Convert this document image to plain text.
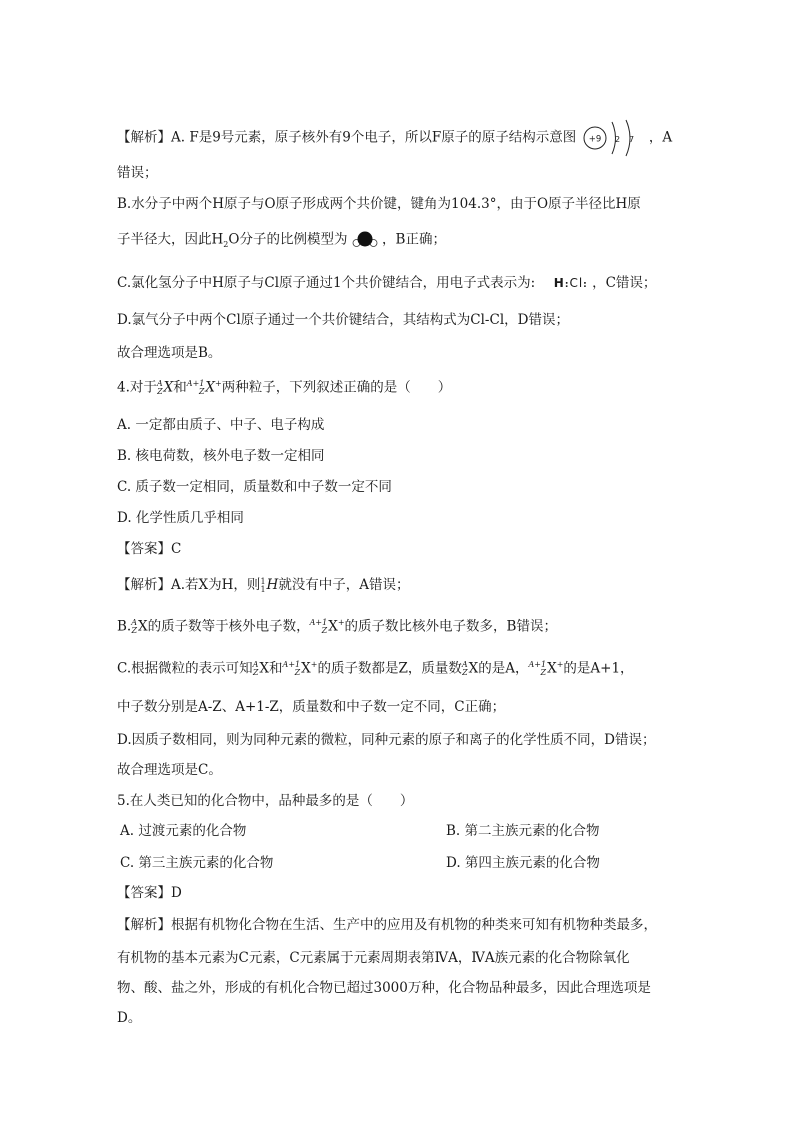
【解析】A. F是9号元素，原子核外有9个电子，所以F原子的原子结构示意图 +9 2 7 ，A
错误；
B.水分子中两个H原子与O原子形成两个共价键，键角为104.3°，由于O原子半径比H原
子半径大，因此$H_2O$分子的比例模型为	，B正确；
C.氯化氢分子中H原子与Cl原子通过1个共价键结合，用电子式表示为: H:Cl: ，C错误；
D.氯气分子中两个Cl原子通过一个共价键结合，其结构式为Cl-Cl，D错误；
故合理选项是B。
4.对于 A
Z X和 A+1
Z X+两种粒子，下列叙述正确的是（　　）
A. 一定都由质子、中子、电子构成
B. 核电荷数，核外电子数一定相同
C. 质子数一定相同，质量数和中子数一定不同
D. 化学性质几乎相同
【答案】C
【解析】A.若X为H，则 1
1 H就没有中子，A错误；
B. A
Z X的质子数等于核外电子数， A+1
Z X+的质子数比核外电子数多，B错误；
C.根据微粒的表示可知 A
Z X和 A+1
Z X+的质子数都是Z，质量数 A
Z X的是A， A+1
Z X+的是A+1，
中子数分别是A-Z、A+1-Z，质量数和中子数一定不同，C正确；
D.因质子数相同，则为同种元素的微粒，同种元素的原子和离子的化学性质不同，D错误；
故合理选项是C。
5.在人类已知的化合物中，品种最多的是（　　）
A. 过渡元素的化合物	B. 第二主族元素的化合物
C. 第三主族元素的化合物	D. 第四主族元素的化合物
【答案】D
【解析】根据有机物化合物在生活、生产中的应用及有机物的种类来可知有机物种类最多，
有机物的基本元素为C元素，C元素属于元素周期表第ⅣA，ⅣA族元素的化合物除氧化
物、酸、盐之外，形成的有机化合物已超过3000万种，化合物品种最多，因此合理选项是
D。
